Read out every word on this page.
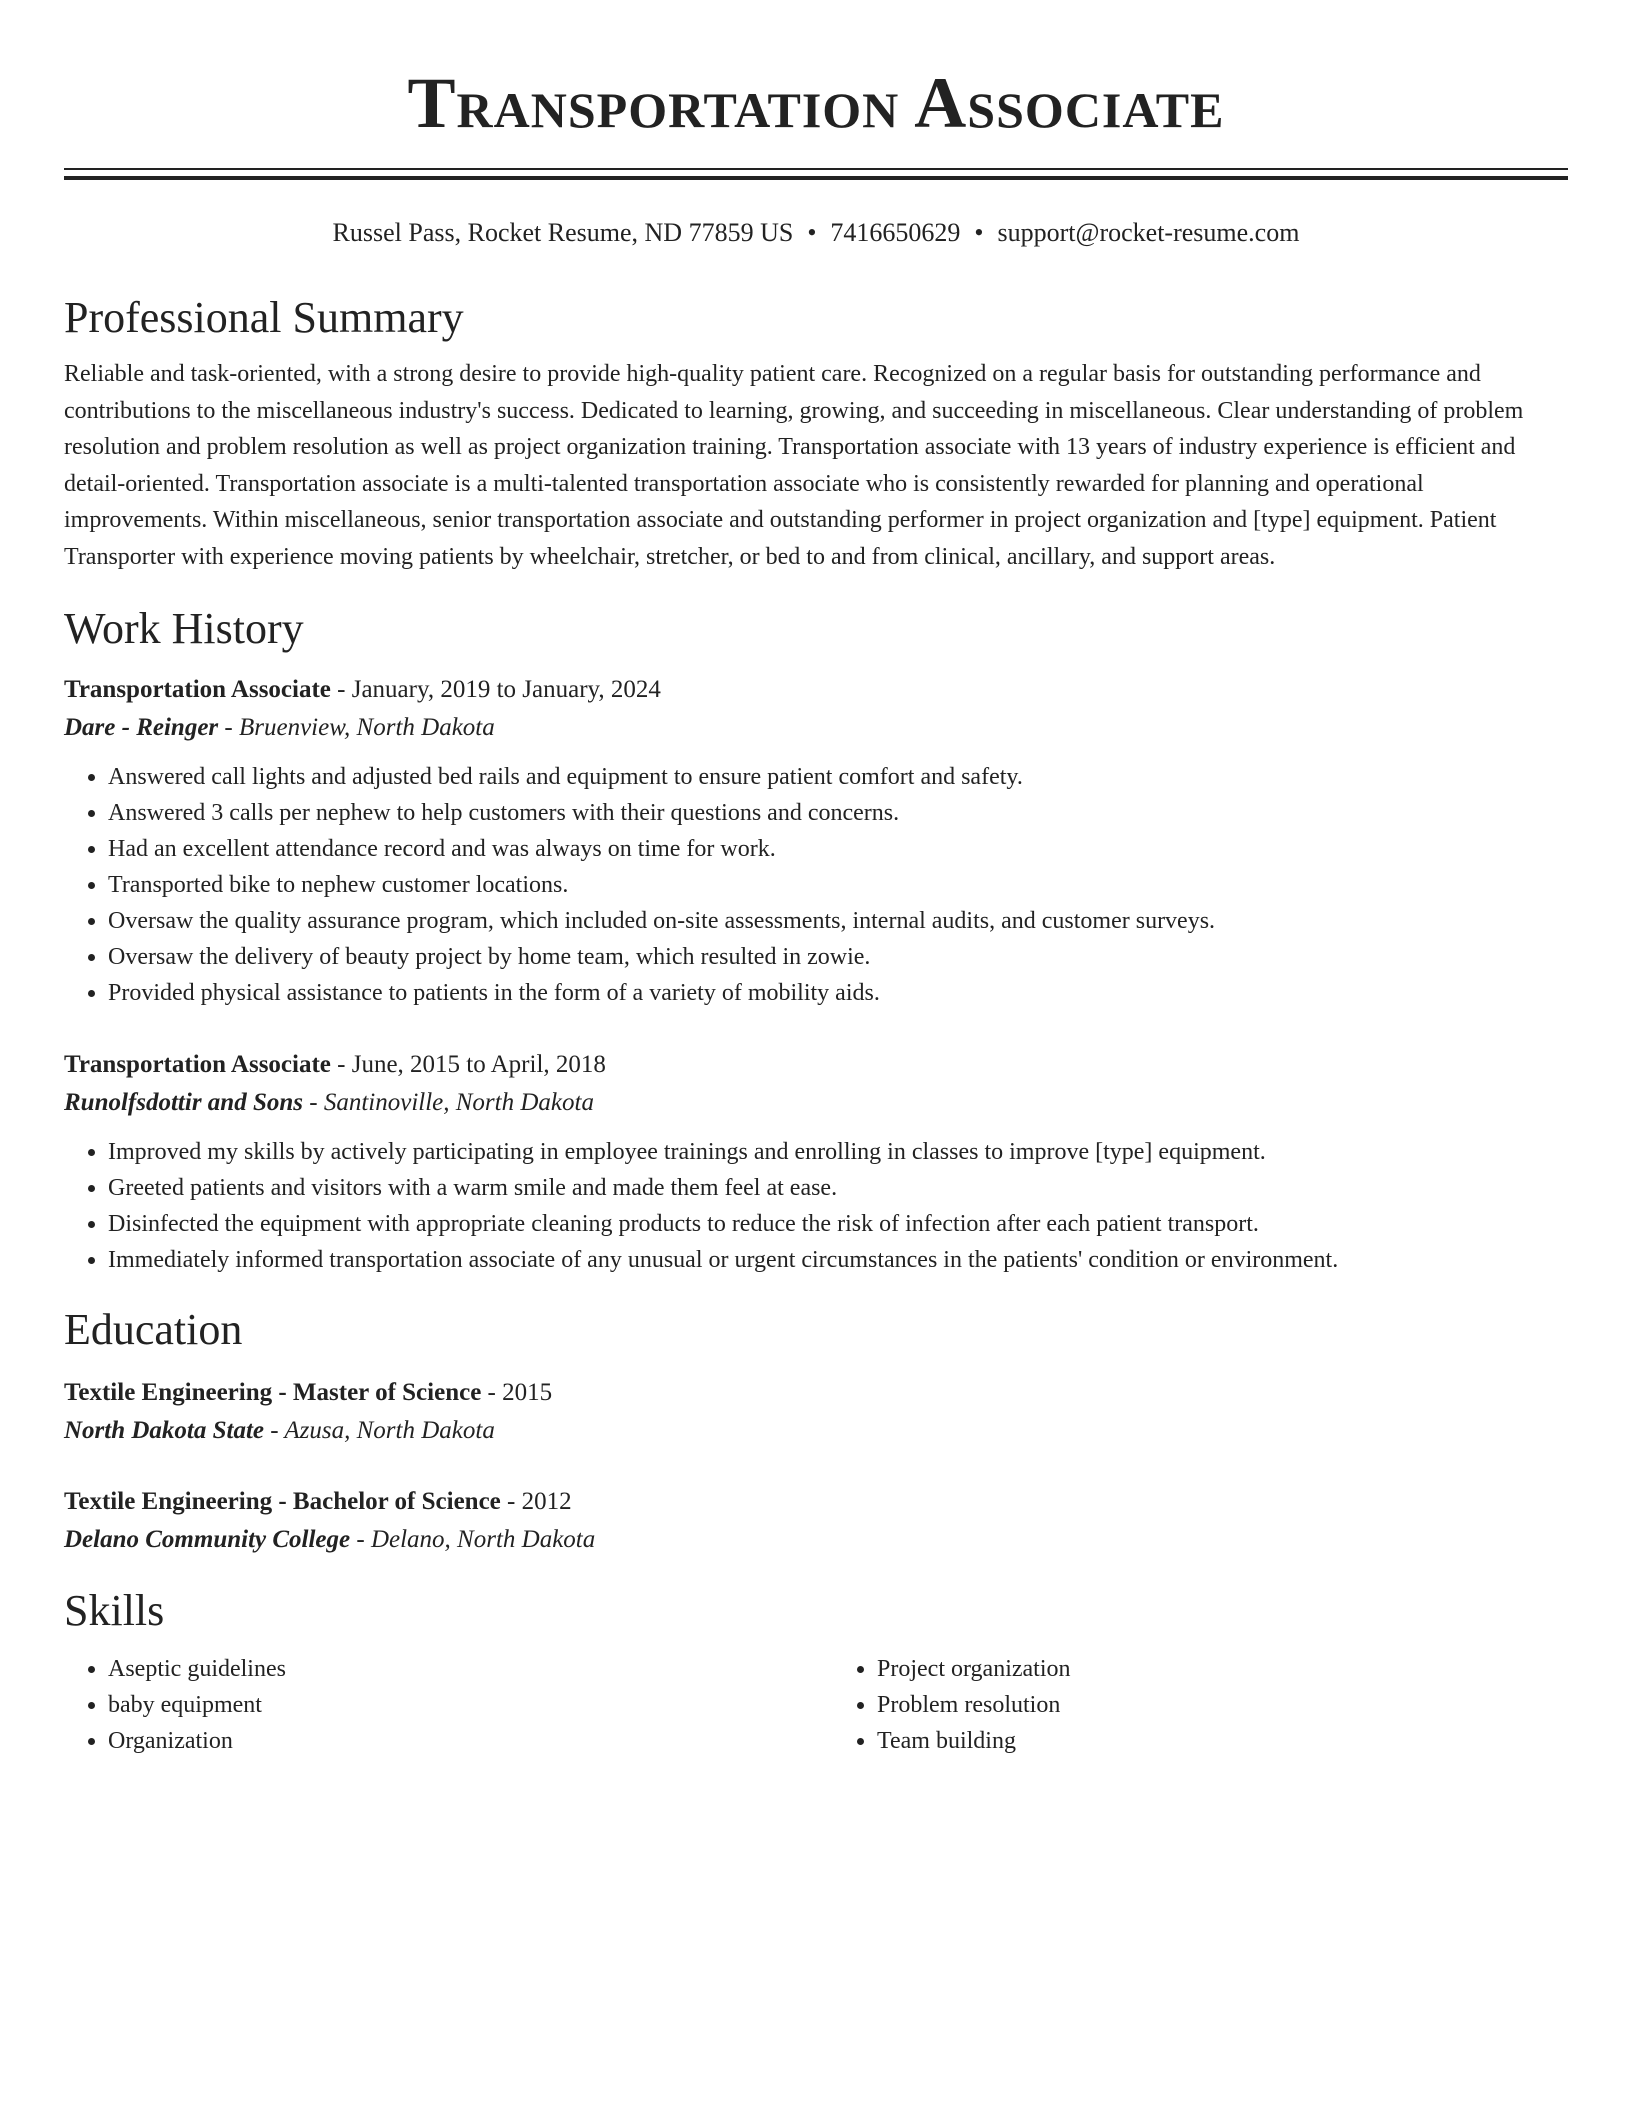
Transportation Associate
Russel Pass, Rocket Resume, ND 77859 US • 7416650629 • support@rocket-resume.com
Professional Summary

Reliable and task-oriented, with a strong desire to provide high-quality patient care. Recognized on a regular basis for outstanding performance and contributions to the miscellaneous industry's success. Dedicated to learning, growing, and succeeding in miscellaneous. Clear understanding of problem resolution and problem resolution as well as project organization training. Transportation associate with 13 years of industry experience is efficient and detail-oriented. Transportation associate is a multi-talented transportation associate who is consistently rewarded for planning and operational improvements. Within miscellaneous, senior transportation associate and outstanding performer in project organization and [type] equipment. Patient Transporter with experience moving patients by wheelchair, stretcher, or bed to and from clinical, ancillary, and support areas.

Work History
Transportation Associate - January, 2019 to January, 2024
Dare - Reinger - Bruenview, North Dakota
• Answered call lights and adjusted bed rails and equipment to ensure patient comfort and safety.
• Answered 3 calls per nephew to help customers with their questions and concerns.
• Had an excellent attendance record and was always on time for work.
• Transported bike to nephew customer locations.
• Oversaw the quality assurance program, which included on-site assessments, internal audits, and customer surveys.
• Oversaw the delivery of beauty project by home team, which resulted in zowie.
• Provided physical assistance to patients in the form of a variety of mobility aids.
Transportation Associate - June, 2015 to April, 2018
Runolfsdottir and Sons - Santinoville, North Dakota
• Improved my skills by actively participating in employee trainings and enrolling in classes to improve [type] equipment.
• Greeted patients and visitors with a warm smile and made them feel at ease.
• Disinfected the equipment with appropriate cleaning products to reduce the risk of infection after each patient transport.
• Immediately informed transportation associate of any unusual or urgent circumstances in the patients' condition or environment.
Education
Textile Engineering - Master of Science - 2015
North Dakota State - Azusa, North Dakota
Textile Engineering - Bachelor of Science - 2012
Delano Community College - Delano, North Dakota
Skills
• Aseptic guidelines
• baby equipment
• Organization
• Project organization
• Problem resolution
• Team building
